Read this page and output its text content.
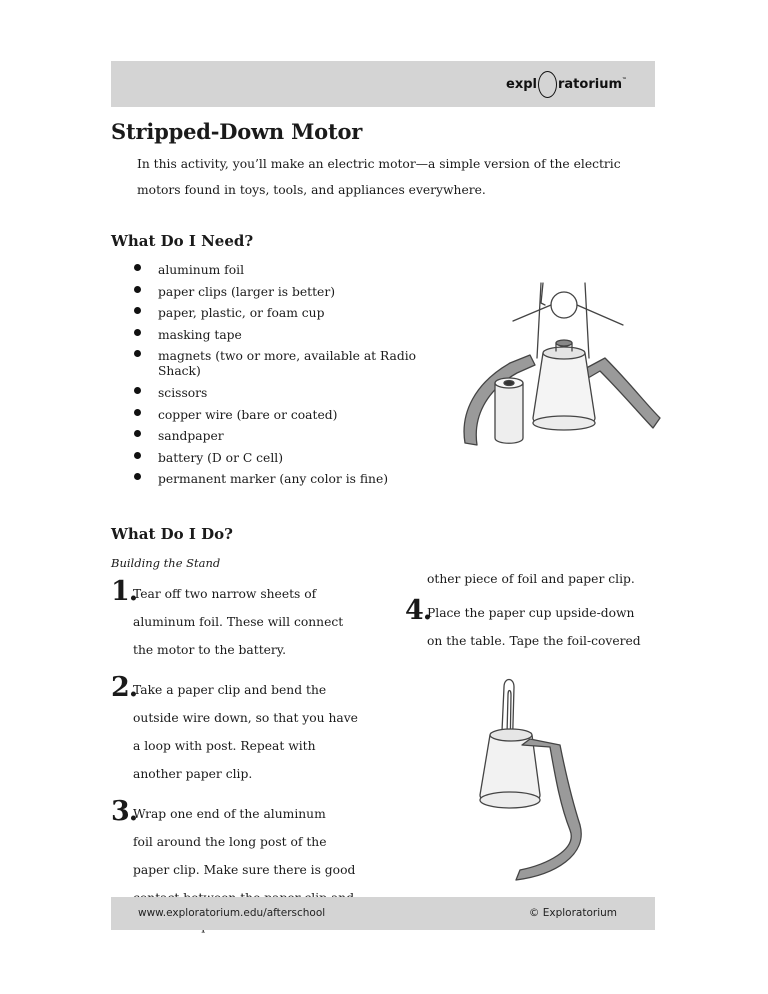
expl ratorium ™
Stripped-Down Motor

In this activity, you’ll make an electric motor—a simple version of the electric motors found in toys, tools, and appliances everywhere.

What Do I Need?
aluminum foil
paper clips (larger is better)
paper, plastic, or foam cup
masking tape
magnets (two or more, available at Radio Shack)
scissors
copper wire (bare or coated)
sandpaper
battery (D or C cell)
permanent marker (any color is fine)
What Do I Do?

Building the Stand

1.
Tear off two narrow sheets of
aluminum foil. These will connect the motor to the battery.
2.
Take a paper clip and bend the
outside wire down, so that you have a loop with post. Repeat with another paper clip.
3.
Wrap one end of the aluminum
foil around the long post of the paper clip. Make sure there is good
other piece of foil and paper clip.
4.
Place the paper cup upside-down
on the table. Tape the foil-covered
www.exploratorium.edu/afterschool	© Exploratorium
